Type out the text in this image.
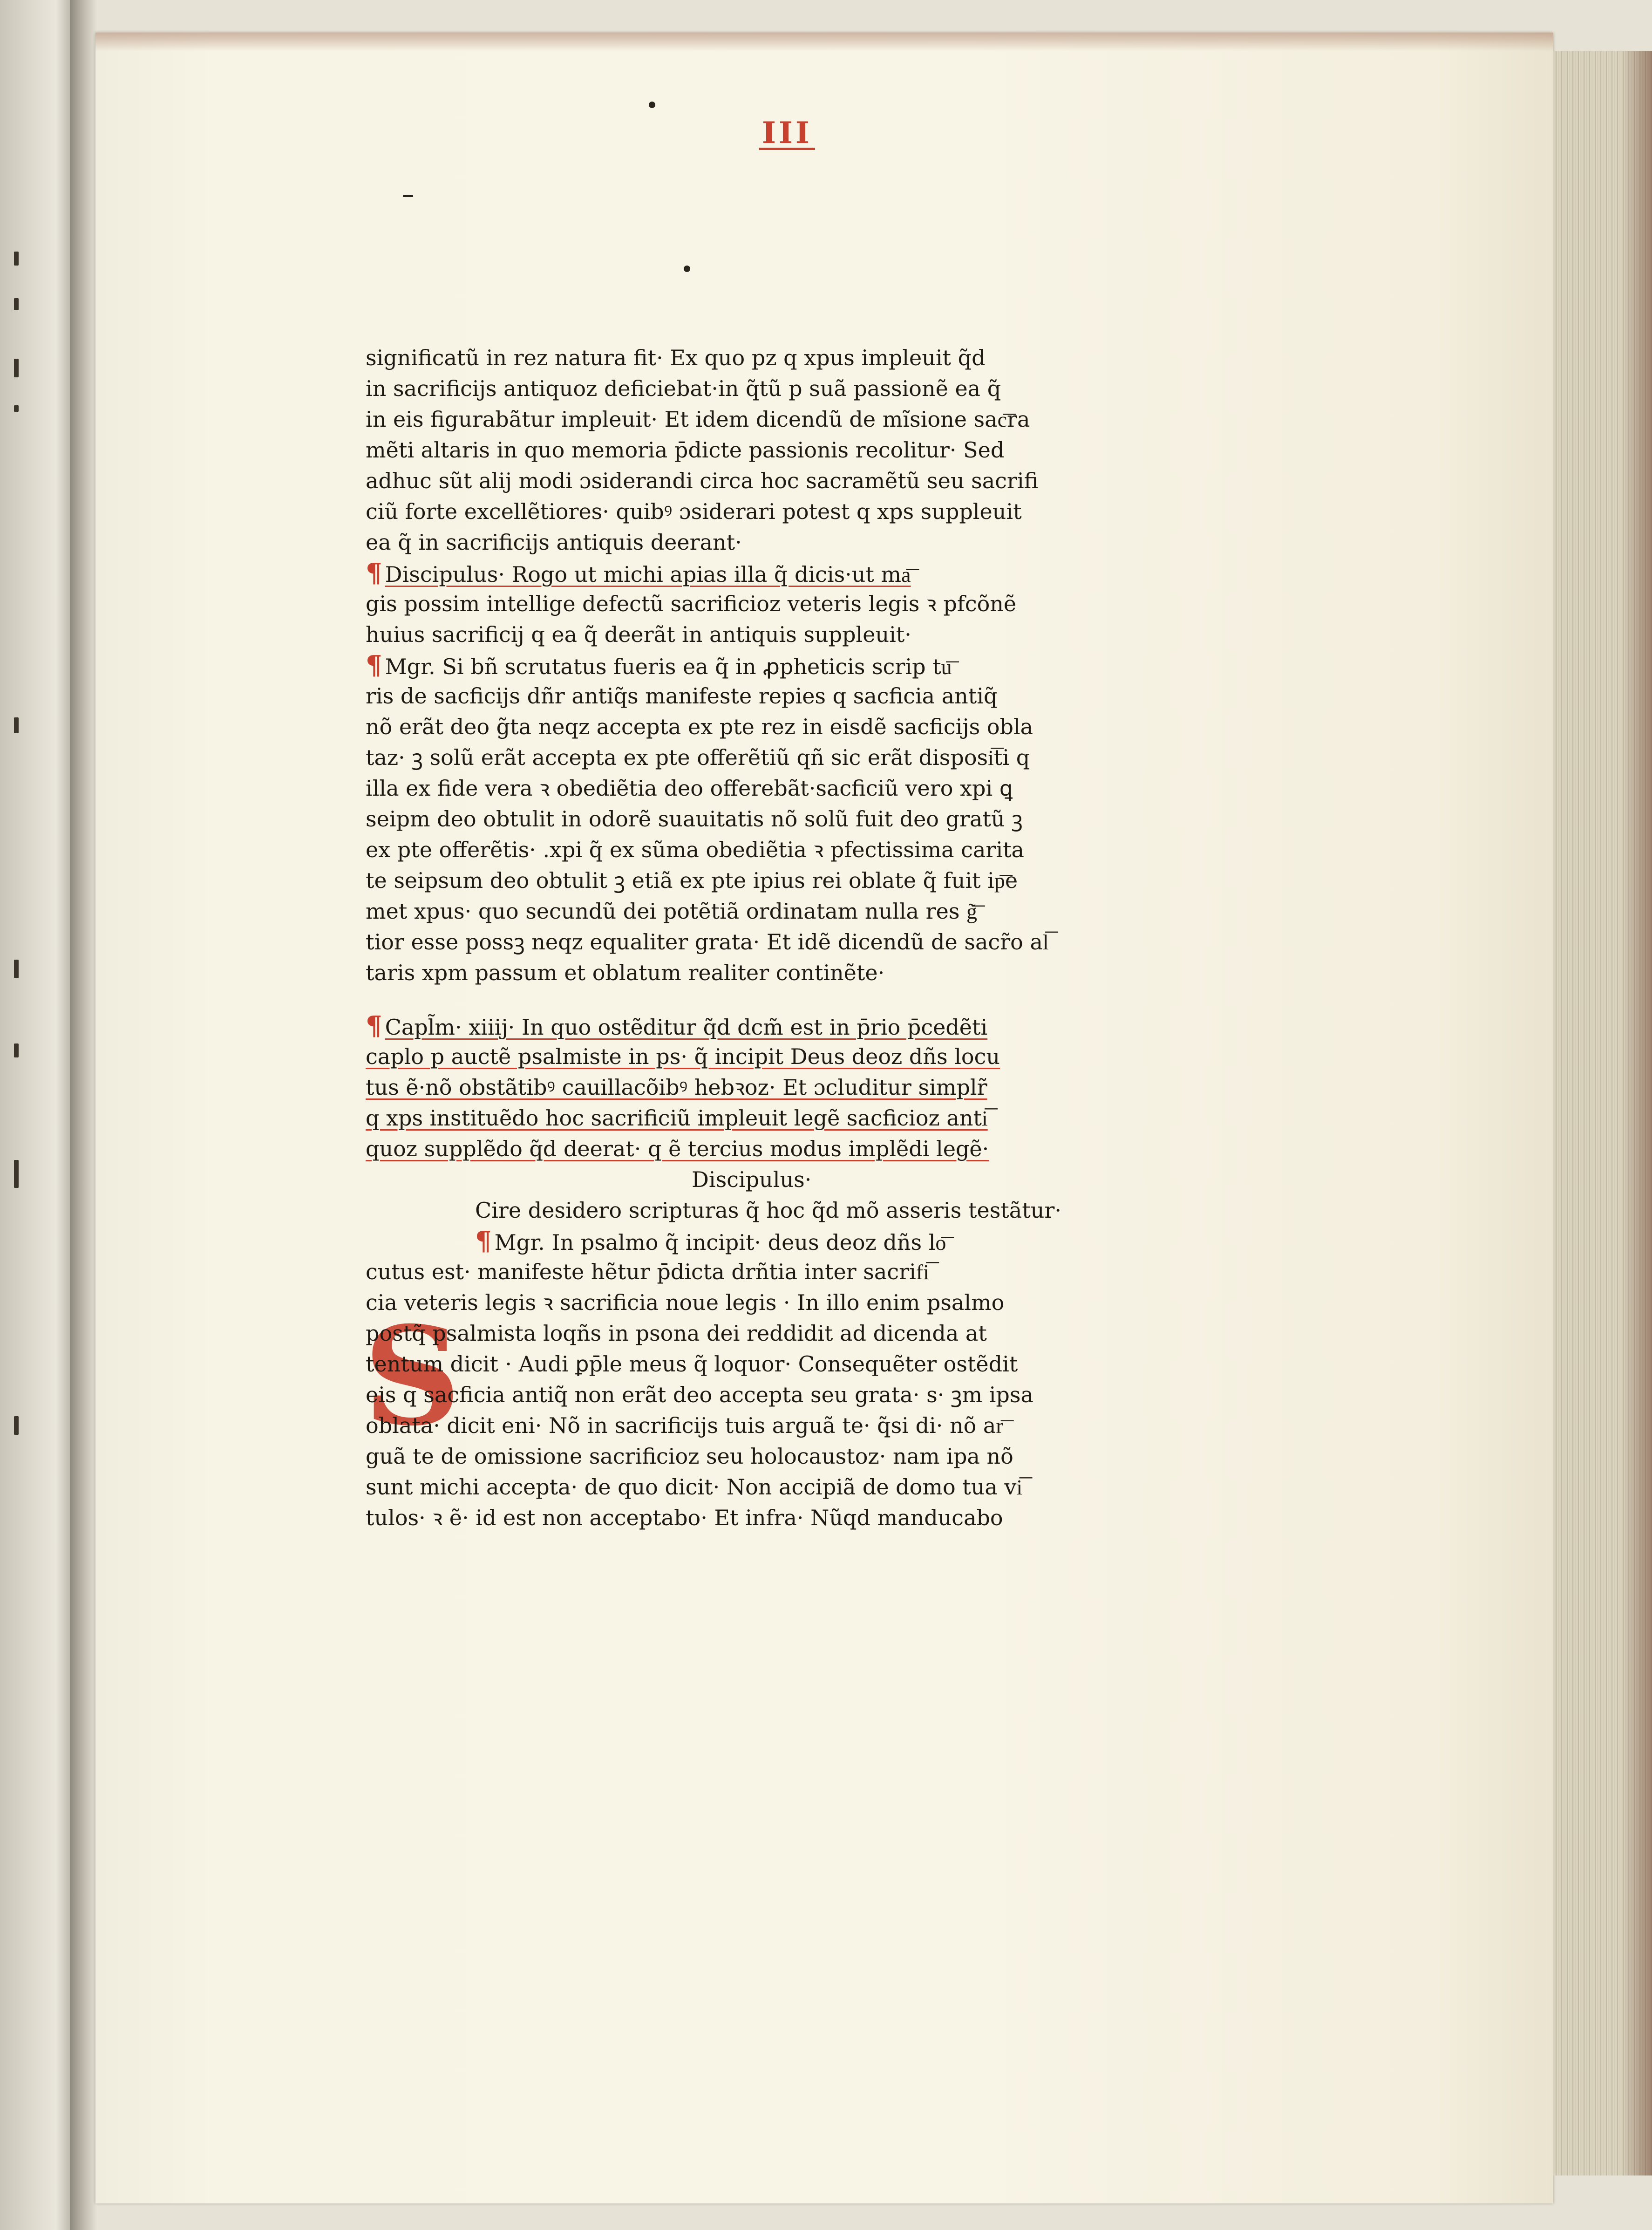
III
S
significatũ in rez natura fit· Ex quo pz q xpus impleuit q̃d
in sacrificijs antiquoz deficiebat·in q̃tũ p suã passionẽ ea q̃
in eis figurabãtur impleuit· Et idem dicendũ de mĩsione sac͞ra
mẽti altaris in quo memoria p̄dicte passionis recolitur· Sed
adhuc sũt alij modi ɔsiderandi circa hoc sacramẽtũ seu sacrifi
ciũ forte excellẽtiores· quibꝰ ɔsiderari potest q xps suppleuit
ea q̃ in sacrificijs antiquis deerant·
¶ Discipulus· Rogo ut michi apias illa q̃ dicis·ut ma͞
gis possim intellige defectũ sacrificioz veteris legis ꝛ pfcõnẽ
huius sacrificij q ea q̃ deerãt in antiquis suppleuit·
¶ Mgr. Si bñ scrutatus fueris ea q̃ in ꝓpheticis scrip tu͞
ris de sacficijs dñr antiq̃s manifeste repies q sacficia antiq̃
nõ erãt deo g̃ta neqz accepta ex pte rez in eisdẽ sacficijs obla
taz· ꝫ solũ erãt accepta ex pte offerẽtiũ qñ sic erãt disposi͞ti q
illa ex fide vera ꝛ obediẽtia deo offerebãt·sacficiũ vero xpi ꝗ
seipm deo obtulit in odorẽ suauitatis nõ solũ fuit deo gratũ ꝫ
ex pte offerẽtis· .xpi q̃ ex sũma obediẽtia ꝛ pfectissima carita
te seipsum deo obtulit ꝫ etiã ex pte ipius rei oblate q̃ fuit ip͞e
met xpus· quo secundũ dei potẽtiã ordinatam nulla res g̃͞
tior esse possꝫ neqz equaliter grata· Et idẽ dicendũ de sacr̃o al͞
taris xpm passum et oblatum realiter continẽte·
¶ Capl̃m· xiiij· In quo ostẽditur q̃d dcm̃ est in p̄rio p̄cedẽti
caplo p auctẽ psalmiste in ps· q̃ incipit Deus deoz dñs locu
tus ẽ·nõ obstãtibꝰ cauillacõibꝰ hebꝛoz· Et ɔcluditur simplr̃
q xps instituẽdo hoc sacrificiũ impleuit legẽ sacficioz anti͞
quoz supplẽdo q̃d deerat· q ẽ tercius modus implẽdi legẽ·
Discipulus·
Cire desidero scripturas q̃ hoc q̃d mõ asseris testãtur·
¶ Mgr. In psalmo q̃ incipit· deus deoz dñs lo͞
cutus est· manifeste hẽtur p̄dicta drñtia inter sacrifi͞
cia veteris legis ꝛ sacrificia noue legis · In illo enim psalmo
postq̃ psalmista loqñs in psona dei reddidit ad dicenda at
tentum dicit · Audi ꝑp̄le meus q̃ loquor· Consequẽter ostẽdit
eis q sacficia antiq̃ non erãt deo accepta seu grata· s· ꝫm ipsa
oblata· dicit eni· Nõ in sacrificijs tuis arguã te· q̃si di· nõ ar͞
guã te de omissione sacrificioz seu holocaustoz· nam ipa nõ
sunt michi accepta· de quo dicit· Non accipiã de domo tua vi͞
tulos· ꝛ ẽ· id est non acceptabo· Et infra· Nũqd manducabo
